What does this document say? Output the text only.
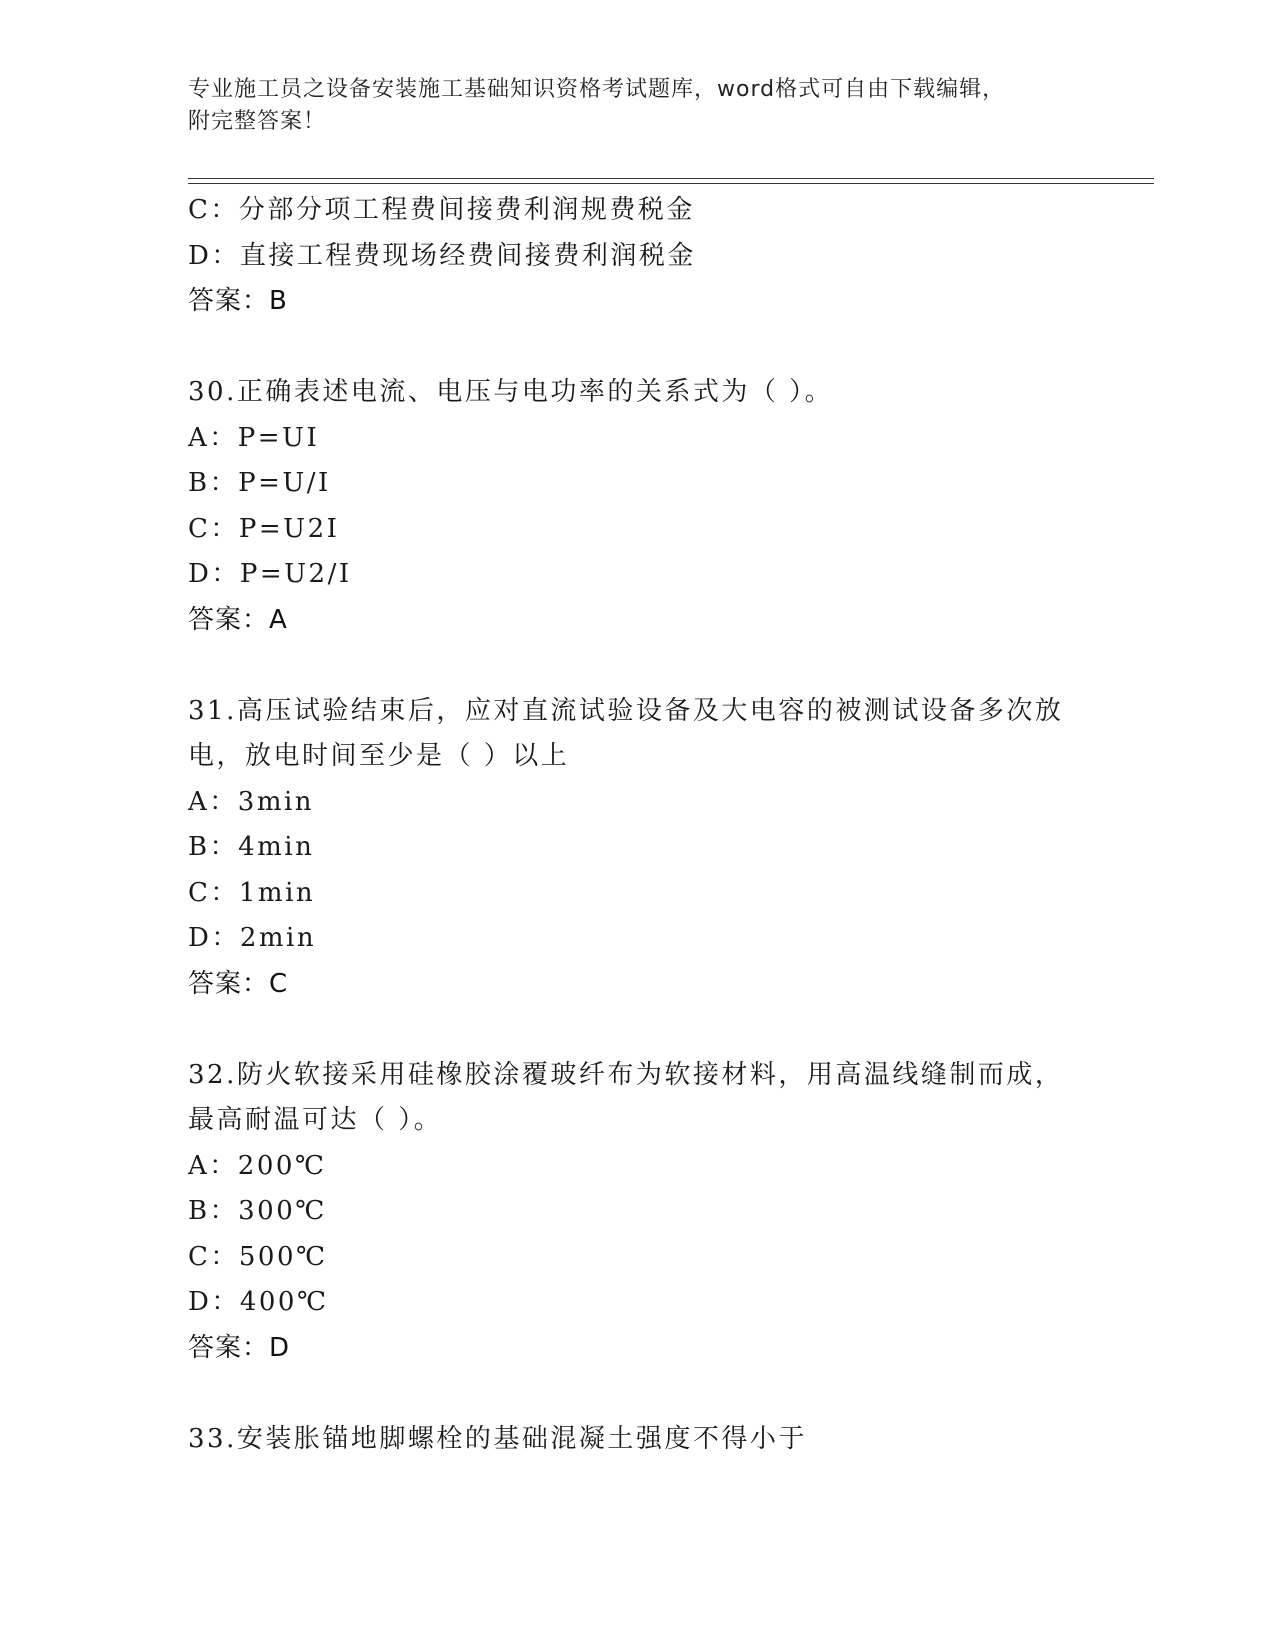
专业施工员之设备安装施工基础知识资格考试题库，word格式可自由下载编辑，
附完整答案！
C：分部分项工程费间接费利润规费税金
D：直接工程费现场经费间接费利润税金
答案：B
30.正确表述电流、电压与电功率的关系式为（ ）。
A：P=UI
B：P=U/I
C：P=U2I
D：P=U2/I
答案：A
31.高压试验结束后，应对直流试验设备及大电容的被测试设备多次放
电，放电时间至少是（ ）以上
A：3min
B：4min
C：1min
D：2min
答案：C
32.防火软接采用硅橡胶涂覆玻纤布为软接材料，用高温线缝制而成，
最高耐温可达（ ）。
A：200℃
B：300℃
C：500℃
D：400℃
答案：D
33.安装胀锚地脚螺栓的基础混凝土强度不得小于
